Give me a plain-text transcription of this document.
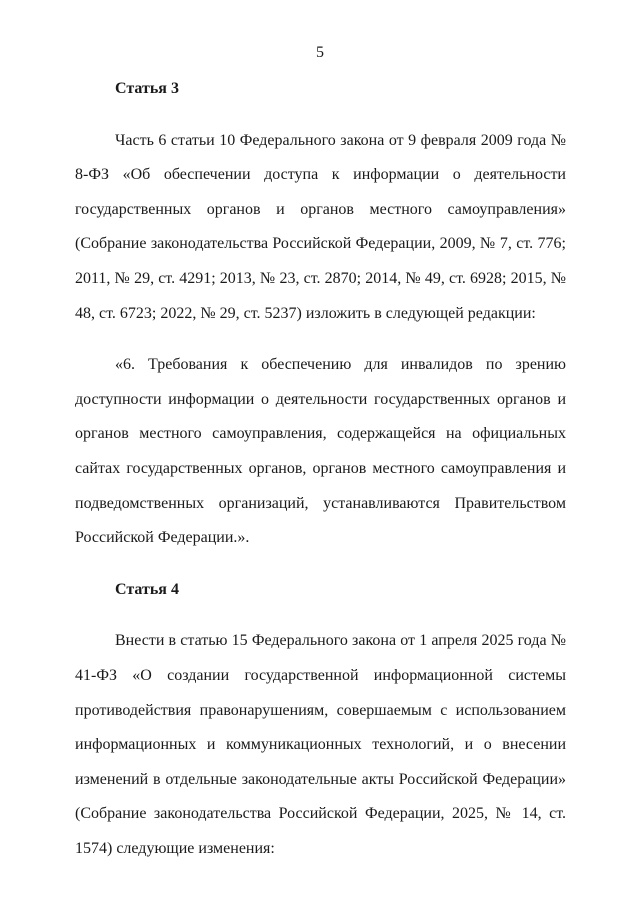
5
Статья 3
Часть 6 статьи 10 Федерального закона от 9 февраля 2009 года № 8-ФЗ «Об обеспечении доступа к информации о деятельности государственных органов и органов местного самоуправления» (Собрание законодательства Российской Федерации, 2009, № 7, ст. 776; 2011, № 29, ст. 4291; 2013, № 23, ст. 2870; 2014, № 49, ст. 6928; 2015, № 48, ст. 6723; 2022, № 29, ст. 5237) изложить в следующей редакции:
«6. Требования к обеспечению для инвалидов по зрению доступности информации о деятельности государственных органов и органов местного самоуправления, содержащейся на официальных сайтах государственных органов, органов местного самоуправления и подведомственных организаций, устанавливаются Правительством Российской Федерации.».
Статья 4
Внести в статью 15 Федерального закона от 1 апреля 2025 года № 41-ФЗ «О создании государственной информационной системы противодействия правонарушениям, совершаемым с использованием информационных и коммуникационных технологий, и о внесении изменений в отдельные законодательные акты Российской Федерации» (Собрание законодательства Российской Федерации, 2025, № 14, ст. 1574) следующие изменения:
